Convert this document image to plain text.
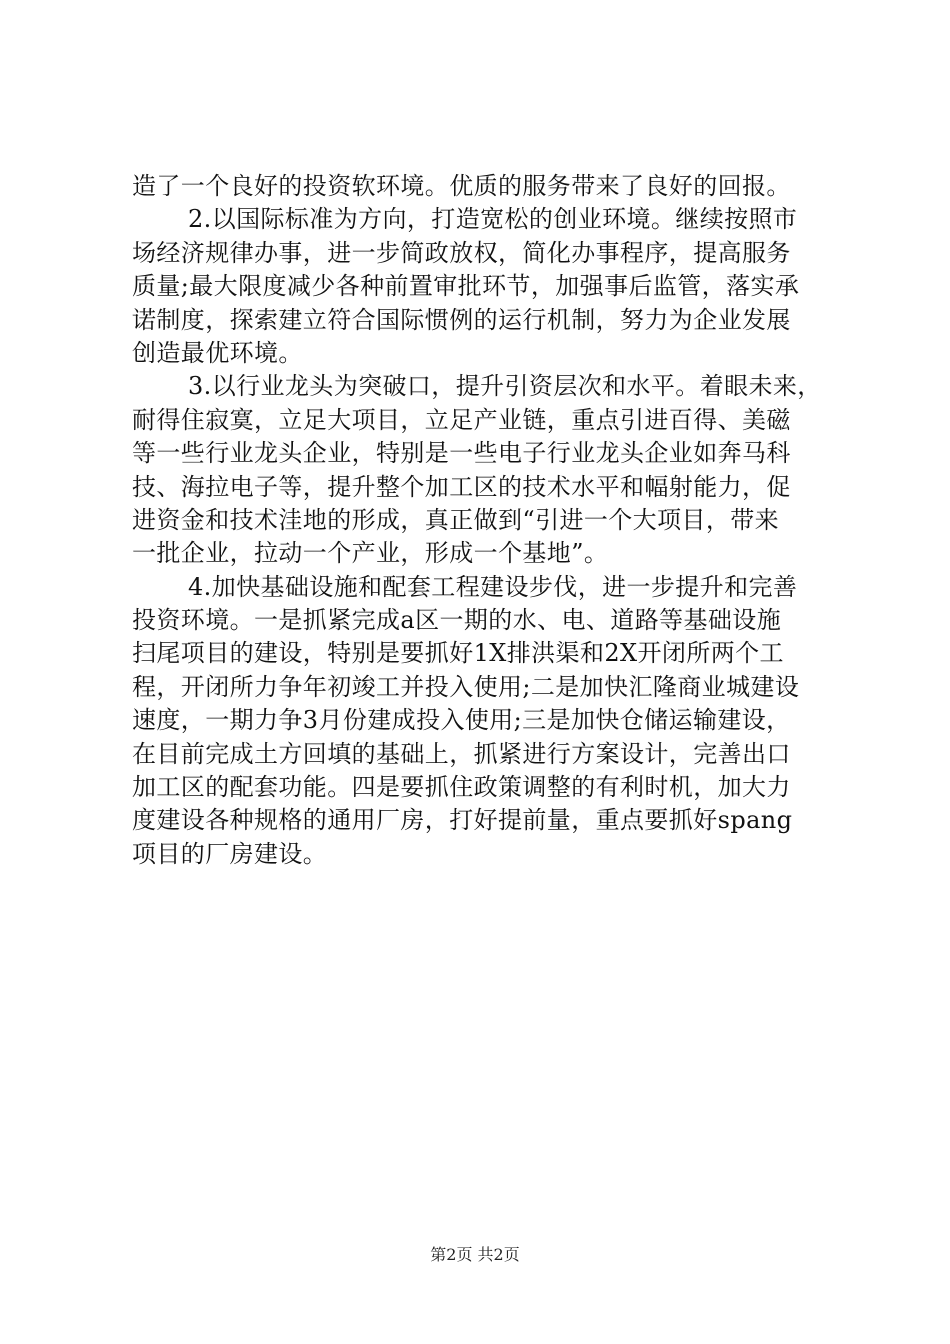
造了一个良好的投资软环境。优质的服务带来了良好的回报。
2.以国际标准为方向，打造宽松的创业环境。继续按照市
场经济规律办事，进一步简政放权，简化办事程序，提高服务
质量;最大限度减少各种前置审批环节，加强事后监管，落实承
诺制度，探索建立符合国际惯例的运行机制，努力为企业发展
创造最优环境。
3.以行业龙头为突破口，提升引资层次和水平。着眼未来，
耐得住寂寞，立足大项目，立足产业链，重点引进百得、美磁
等一些行业龙头企业，特别是一些电子行业龙头企业如奔马科
技、海拉电子等，提升整个加工区的技术水平和幅射能力，促
进资金和技术洼地的形成，真正做到“引进一个大项目，带来
一批企业，拉动一个产业，形成一个基地”。
4.加快基础设施和配套工程建设步伐，进一步提升和完善
投资环境。一是抓紧完成a区一期的水、电、道路等基础设施
扫尾项目的建设，特别是要抓好1X排洪渠和2X开闭所两个工
程，开闭所力争年初竣工并投入使用;二是加快汇隆商业城建设
速度，一期力争3月份建成投入使用;三是加快仓储运输建设，
在目前完成土方回填的基础上，抓紧进行方案设计，完善出口
加工区的配套功能。四是要抓住政策调整的有利时机，加大力
度建设各种规格的通用厂房，打好提前量，重点要抓好spang
项目的厂房建设。
第2页 共2页
